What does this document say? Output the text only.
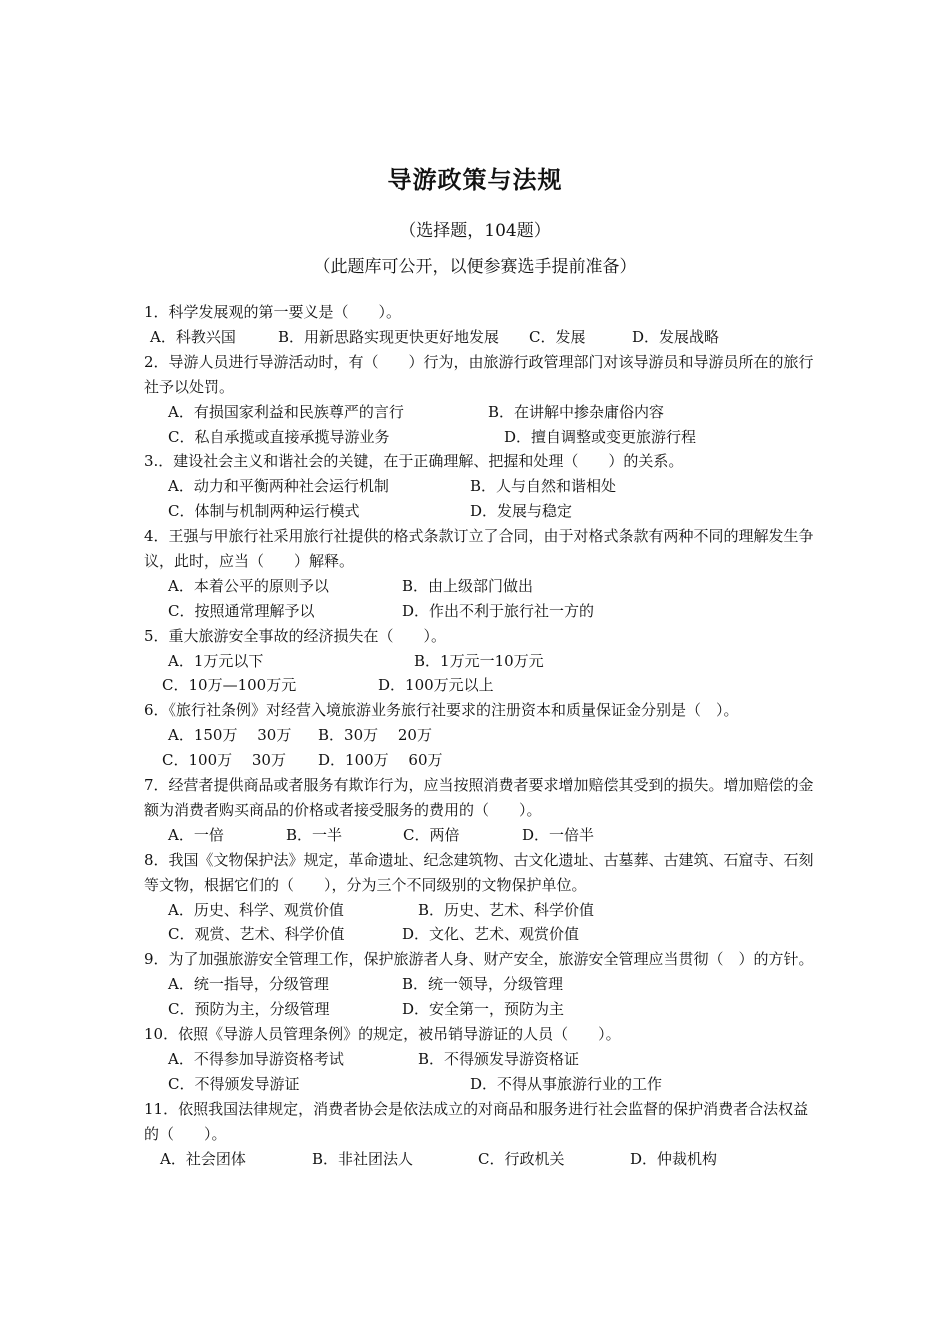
导游政策与法规
（选择题，104题）
（此题库可公开，以便参赛选手提前准备）
1．科学发展观的第一要义是（　　）。
A．科教兴国	B．用新思路实现更快更好地发展 C．发展	D．发展战略
2．导游人员进行导游活动时，有（　　）行为，由旅游行政管理部门对该导游员和导游员所在的旅行社予以处罚。
A．有损国家利益和民族尊严的言行	B．在讲解中掺杂庸俗内容
C．私自承揽或直接承揽导游业务	D．擅自调整或变更旅游行程
3.．建设社会主义和谐社会的关键，在于正确理解、把握和处理（　　）的关系。
A．动力和平衡两种社会运行机制	B．人与自然和谐相处
C．体制与机制两种运行模式	D．发展与稳定
4．王强与甲旅行社采用旅行社提供的格式条款订立了合同，由于对格式条款有两种不同的理解发生争议，此时，应当（　　）解释。
A．本着公平的原则予以	B．由上级部门做出
C．按照通常理解予以	D．作出不利于旅行社一方的
5．重大旅游安全事故的经济损失在（　　）。
A．1万元以下	B．1万元一10万元
C．10万—100万元	D．100万元以上
6．《旅行社条例》对经营入境旅游业务旅行社要求的注册资本和质量保证金分别是（　）。
A．150万　 30万 B．30万　 20万
C．100万　 30万 D．100万　 60万
7．经营者提供商品或者服务有欺诈行为，应当按照消费者要求增加赔偿其受到的损失。增加赔偿的金额为消费者购买商品的价格或者接受服务的费用的（　　）。
A．一倍	B．一半	C．两倍	D．一倍半
8．我国《文物保护法》规定，革命遗址、纪念建筑物、古文化遗址、古墓葬、古建筑、石窟寺、石刻等文物，根据它们的（　　），分为三个不同级别的文物保护单位。
A．历史、科学、观赏价值	B．历史、艺术、科学价值
C．观赏、艺术、科学价值	D．文化、艺术、观赏价值
9．为了加强旅游安全管理工作，保护旅游者人身、财产安全，旅游安全管理应当贯彻（　）的方针。
A．统一指导，分级管理	B．统一领导，分级管理
C．预防为主，分级管理	D．安全第一，预防为主
10．依照《导游人员管理条例》的规定，被吊销导游证的人员（　　）。
A．不得参加导游资格考试	B．不得颁发导游资格证
C．不得颁发导游证	D．不得从事旅游行业的工作
11．依照我国法律规定，消费者协会是依法成立的对商品和服务进行社会监督的保护消费者合法权益的（　　）。
A．社会团体	B．非社团法人	C．行政机关	D．仲裁机构
